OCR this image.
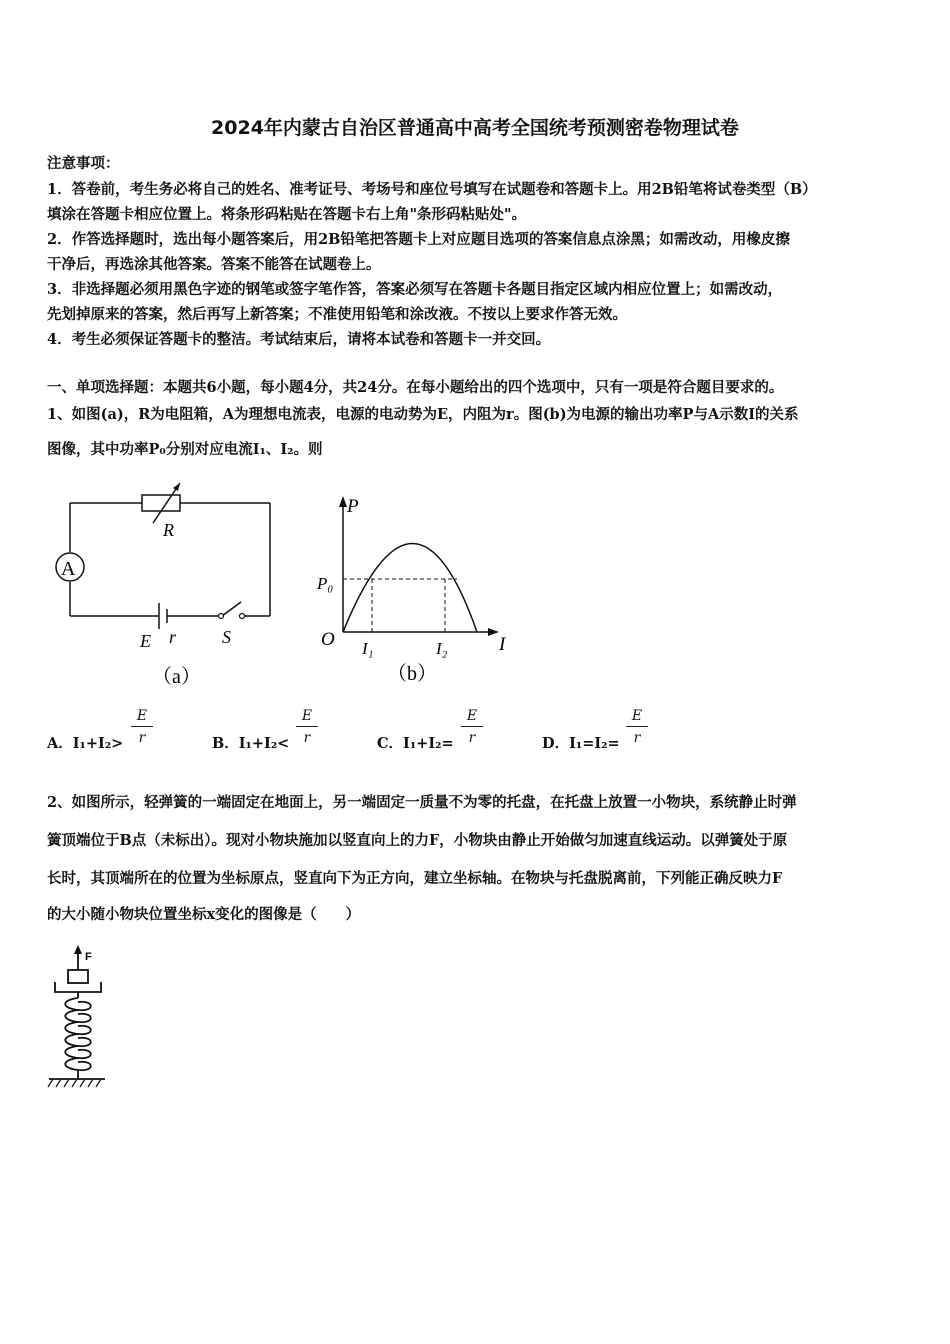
2024年内蒙古自治区普通高中高考全国统考预测密卷物理试卷
注意事项：
1．答卷前，考生务必将自己的姓名、准考证号、考场号和座位号填写在试题卷和答题卡上。用2B铅笔将试卷类型（B）
填涂在答题卡相应位置上。将条形码粘贴在答题卡右上角"条形码粘贴处"。
2．作答选择题时，选出每小题答案后，用2B铅笔把答题卡上对应题目选项的答案信息点涂黑；如需改动，用橡皮擦
干净后，再选涂其他答案。答案不能答在试题卷上。
3．非选择题必须用黑色字迹的钢笔或签字笔作答，答案必须写在答题卡各题目指定区域内相应位置上；如需改动，
先划掉原来的答案，然后再写上新答案；不准使用铅笔和涂改液。不按以上要求作答无效。
4．考生必须保证答题卡的整洁。考试结束后，请将本试卷和答题卡一并交回。
一、单项选择题：本题共6小题，每小题4分，共24分。在每小题给出的四个选项中，只有一项是符合题目要求的。
1、如图(a)，R为电阻箱，A为理想电流表，电源的电动势为E，内阻为r。图(b)为电源的输出功率P与A示数I的关系
图像，其中功率P₀分别对应电流I₁、I₂。则
R
A
E r	S
（a）
P
I
O
P₀
I₁	I₂
（b）
A．I₁+I₂>
E
r	B．I₁+I₂<
E
r	C．I₁+I₂=
E
r	D．I₁=I₂=
E
r
2、如图所示，轻弹簧的一端固定在地面上，另一端固定一质量不为零的托盘，在托盘上放置一小物块，系统静止时弹
簧顶端位于B点（未标出）。现对小物块施加以竖直向上的力F，小物块由静止开始做匀加速直线运动。以弹簧处于原
长时，其顶端所在的位置为坐标原点，竖直向下为正方向，建立坐标轴。在物块与托盘脱离前，下列能正确反映力F
的大小随小物块位置坐标x变化的图像是（　　）
F
